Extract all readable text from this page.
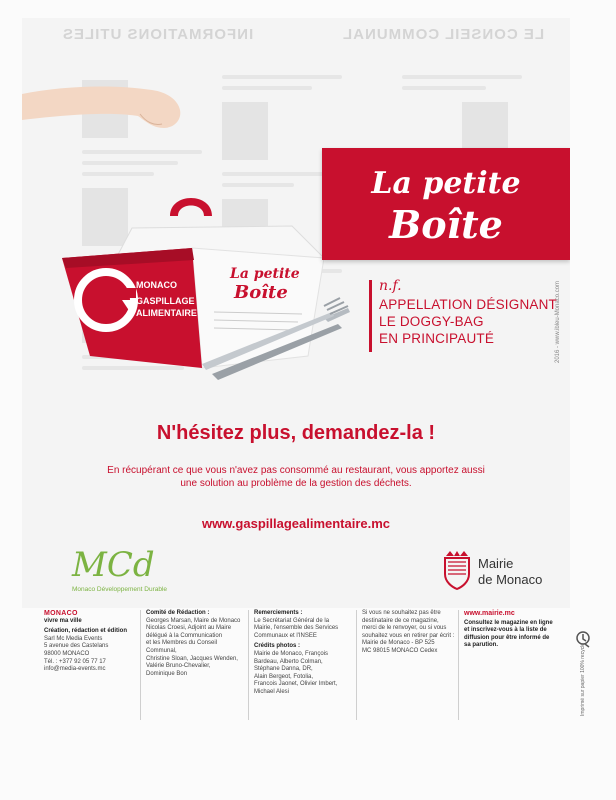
INFORMATIONS UTILES	LE CONSEIL COMMUNAL
MONACO
GASPILLAGE
ALIMENTAIRE
La petite
Boîte
La petite
Boîte
n.f.
APPELLATION DÉSIGNANT
LE DOGGY-BAG
EN PRINCIPAUTÉ	2016 - www.ibleu-Monaco.com
N'hésitez plus, demandez-la !
En récupérant ce que vous n'avez pas consommé au restaurant, vous apportez aussi
une solution au problème de la gestion des déchets.
www.gaspillagealimentaire.mc
MCd
Monaco Développement Durable
Mairie
de Monaco
MONACO
vivre ma ville
Création, rédaction et édition
Sarl Mc Media Events
5 avenue des Castelans
98000 MONACO
Tél. : +377 92 05 77 17
info@media-events.mc
Comité de Rédaction :
Georges Marsan, Maire de Monaco
Nicolas Croesi, Adjoint au Maire
délégué à la Communication
et les Membres du Conseil Communal,
Christine Sloan, Jacques Wenden,
Valérie Bruno-Chevalier,
Dominique Bon
Remerciements :
Le Secrétariat Général de la
Mairie, l'ensemble des Services
Communaux et l'INSEE
Crédits photos :
Mairie de Monaco, François
Bardeau, Alberto Colman,
Stéphane Danna, DR,
Alain Bergeot, Fotolia,
Francois Jaonet, Olivier Imbert,
Michael Alesi
Si vous ne souhaitez pas être
destinataire de ce magazine,
merci de le renvoyer, ou si vous
souhaitez vous en retirer par écrit :
Mairie de Monaco - BP 525
MC 98015 MONACO Cedex
www.mairie.mc
Consultez le magazine en ligne
et inscrivez-vous à la liste de
diffusion pour être informé de
sa parution.	Imprimé sur papier 100% recyclé
